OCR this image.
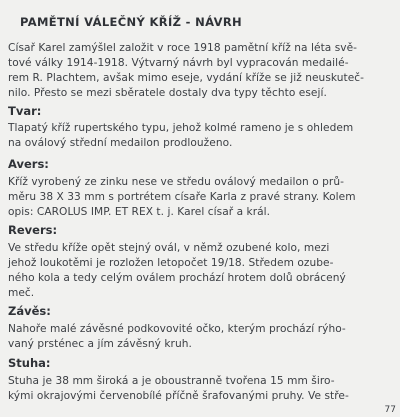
PAMĚTNÍ VÁLEČNÝ KŘÍŽ - NÁVRH
Císař Karel zamýšlel založit v roce 1918 pamětní kříž na léta svě-
tové války 1914-1918. Výtvarný návrh byl vypracován medailé-
rem R. Plachtem, avšak mimo eseje, vydání kříže se již neuskuteč-
nilo. Přesto se mezi sběratele dostaly dva typy těchto esejí.
Tvar:
Tlapatý kříž rupertského typu, jehož kolmé rameno je s ohledem
na oválový střední medailon prodlouženo.
Avers:
Kříž vyrobený ze zinku nese ve středu oválový medailon o prů-
měru 38 X 33 mm s portrétem císaře Karla z pravé strany. Kolem
opis: CAROLUS IMP. ET REX t. j. Karel císař a král.
Revers:
Ve středu kříže opět stejný ovál, v němž ozubené kolo, mezi
jehož loukotěmi je rozložen letopočet 19/18. Středem ozube-
ného kola a tedy celým oválem prochází hrotem dolů obrácený
meč.
Závěs:
Nahoře malé závěsné podkovovité očko, kterým prochází rýho-
vaný prsténec a jím závěsný kruh.
Stuha:
Stuha je 38 mm široká a je oboustranně tvořena 15 mm širo-
kými okrajovými červenobílé příčně šrafovanými pruhy. Ve stře-
77
